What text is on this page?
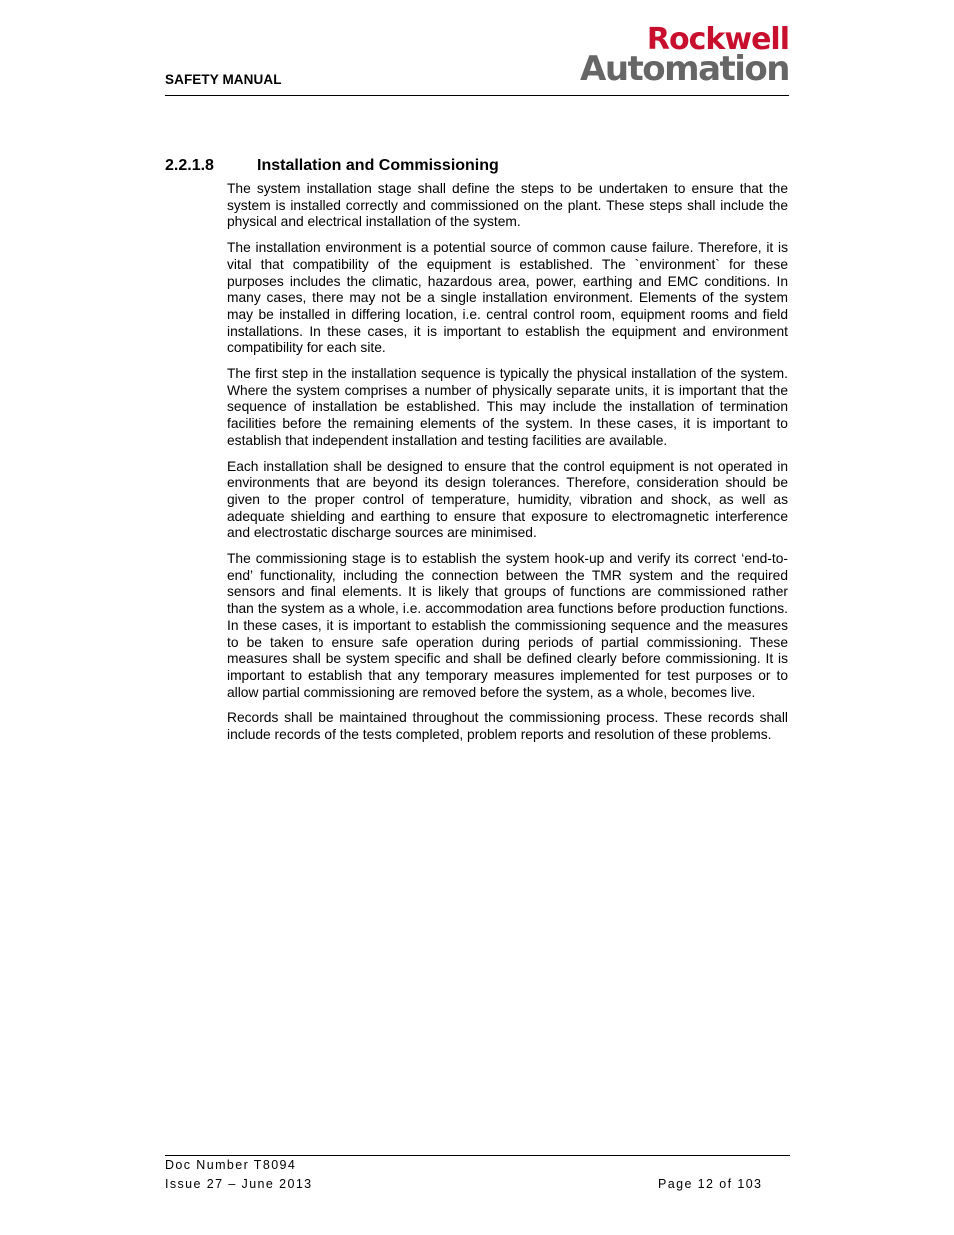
SAFETY MANUAL
Rockwell
Automation
2.2.1.8	Installation and Commissioning

The system installation stage shall define the steps to be undertaken to ensure that the system is installed correctly and commissioned on the plant. These steps shall include the physical and electrical installation of the system.

The installation environment is a potential source of common cause failure. Therefore, it is vital that compatibility of the equipment is established. The `environment` for these purposes includes the climatic, hazardous area, power, earthing and EMC conditions. In many cases, there may not be a single installation environment. Elements of the system may be installed in differing location, i.e. central control room, equipment rooms and field installations. In these cases, it is important to establish the equipment and environment compatibility for each site.

The first step in the installation sequence is typically the physical installation of the system. Where the system comprises a number of physically separate units, it is important that the sequence of installation be established. This may include the installation of termination facilities before the remaining elements of the system. In these cases, it is important to establish that independent installation and testing facilities are available.

Each installation shall be designed to ensure that the control equipment is not operated in environments that are beyond its design tolerances. Therefore, consideration should be given to the proper control of temperature, humidity, vibration and shock, as well as adequate shielding and earthing to ensure that exposure to electromagnetic interference and electrostatic discharge sources are minimised.

The commissioning stage is to establish the system hook-up and verify its correct ‘end-to-end’ functionality, including the connection between the TMR system and the required sensors and final elements. It is likely that groups of functions are commissioned rather than the system as a whole, i.e. accommodation area functions before production functions. In these cases, it is important to establish the commissioning sequence and the measures to be taken to ensure safe operation during periods of partial commissioning. These measures shall be system specific and shall be defined clearly before commissioning. It is important to establish that any temporary measures implemented for test purposes or to allow partial commissioning are removed before the system, as a whole, becomes live.

Records shall be maintained throughout the commissioning process. These records shall include records of the tests completed, problem reports and resolution of these problems.

Doc Number T8094
Issue 27 – June 2013	Page 12 of 103
